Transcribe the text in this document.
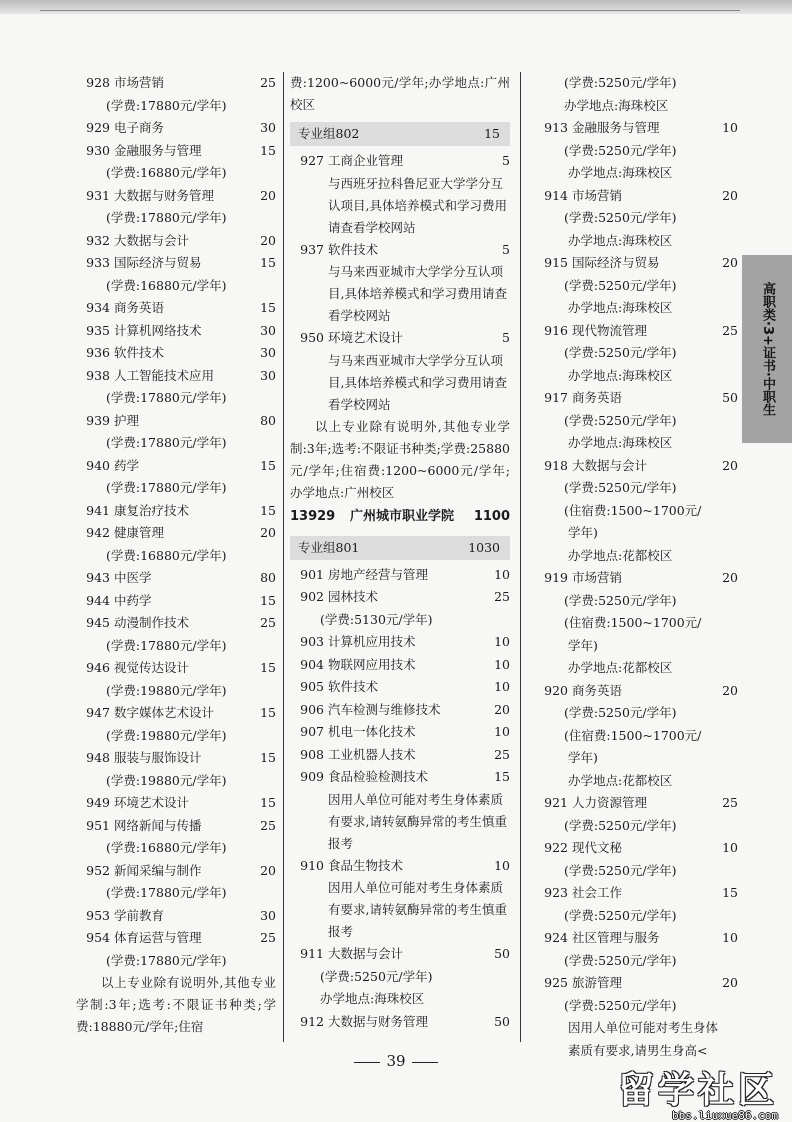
928 市场营销	25
(学费:17880元/学年)
929 电子商务	30
930 金融服务与管理	15
(学费:16880元/学年)
931 大数据与财务管理	20
(学费:17880元/学年)
932 大数据与会计	20
933 国际经济与贸易	15
(学费:16880元/学年)
934 商务英语	15
935 计算机网络技术	30
936 软件技术	30
938 人工智能技术应用	30
(学费:17880元/学年)
939 护理	80
(学费:17880元/学年)
940 药学	15
(学费:17880元/学年)
941 康复治疗技术	15
942 健康管理	20
(学费:16880元/学年)
943 中医学	80
944 中药学	15
945 动漫制作技术	25
(学费:17880元/学年)
946 视觉传达设计	15
(学费:19880元/学年)
947 数字媒体艺术设计	15
(学费:19880元/学年)
948 服装与服饰设计	15
(学费:19880元/学年)
949 环境艺术设计	15
951 网络新闻与传播	25
(学费:16880元/学年)
952 新闻采编与制作	20
(学费:17880元/学年)
953 学前教育	30
954 体育运营与管理	25
(学费:17880元/学年)
以上专业除有说明外,其他专业学制:3年;选考:不限证书种类;学费:18880元/学年;住宿
费:1200~6000元/学年;办学地点:广州校区
专业组802	15
927 工商企业管理	5
与西班牙拉科鲁尼亚大学学分互认项目,具体培养模式和学习费用请查看学校网站
937 软件技术	5
与马来西亚城市大学学分互认项目,具体培养模式和学习费用请查看学校网站
950 环境艺术设计	5
与马来西亚城市大学学分互认项目,具体培养模式和学习费用请查看学校网站
以上专业除有说明外,其他专业学制:3年;选考:不限证书种类;学费:25880元/学年;住宿费:1200~6000元/学年;办学地点:广州校区
13929 广州城市职业学院 1100
专业组801	1030
901 房地产经营与管理	10
902 园林技术	25
(学费:5130元/学年)
903 计算机应用技术	10
904 物联网应用技术	10
905 软件技术	10
906 汽车检测与维修技术	20
907 机电一体化技术	10
908 工业机器人技术	25
909 食品检验检测技术	15
因用人单位可能对考生身体素质有要求,请转氨酶异常的考生慎重报考
910 食品生物技术	10
因用人单位可能对考生身体素质有要求,请转氨酶异常的考生慎重报考
911 大数据与会计	50
(学费:5250元/学年)
办学地点:海珠校区
912 大数据与财务管理	50
(学费:5250元/学年)
办学地点:海珠校区
913 金融服务与管理	10
(学费:5250元/学年)
办学地点:海珠校区
914 市场营销	20
(学费:5250元/学年)
办学地点:海珠校区
915 国际经济与贸易	20
(学费:5250元/学年)
办学地点:海珠校区
916 现代物流管理	25
(学费:5250元/学年)
办学地点:海珠校区
917 商务英语	50
(学费:5250元/学年)
办学地点:海珠校区
918 大数据与会计	20
(学费:5250元/学年)
(住宿费:1500~1700元/
学年)
办学地点:花都校区
919 市场营销	20
(学费:5250元/学年)
(住宿费:1500~1700元/
学年)
办学地点:花都校区
920 商务英语	20
(学费:5250元/学年)
(住宿费:1500~1700元/
学年)
办学地点:花都校区
921 人力资源管理	25
(学费:5250元/学年)
922 现代文秘	10
(学费:5250元/学年)
923 社会工作	15
(学费:5250元/学年)
924 社区管理与服务	10
(学费:5250元/学年)
925 旅游管理	20
(学费:5250元/学年)
因用人单位可能对考生身体
素质有要求,请男生身高<
高职类·3+证书·中职生
39
留学社区
bbs.liuxue86.com
